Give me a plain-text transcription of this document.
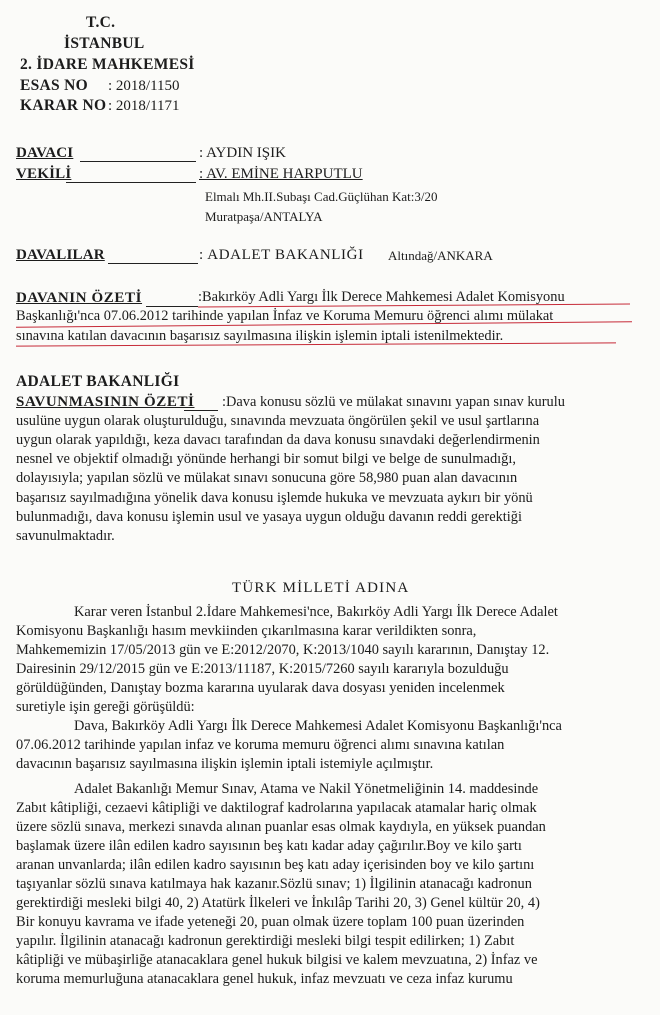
T.C.
İSTANBUL
2. İDARE MAHKEMESİ
ESAS NO : 2018/1150
KARAR NO : 2018/1171
DAVACI	: AYDIN IŞIK
VEKİLİ	: AV. EMİNE HARPUTLU
Elmalı Mh.II.Subaşı Cad.Güçlühan Kat:3/20
Muratpaşa/ANTALYA
DAVALILAR	: ADALET BAKANLIĞI Altındağ/ANKARA
DAVANIN ÖZETİ	:Bakırköy Adli Yargı İlk Derece Mahkemesi Adalet Komisyonu
Başkanlığı'nca 07.06.2012 tarihinde yapılan İnfaz ve Koruma Memuru öğrenci alımı mülakat
sınavına katılan davacının başarısız sayılmasına ilişkin işlemin iptali istenilmektedir.
ADALET BAKANLIĞI
SAVUNMASININ ÖZETİ :Dava konusu sözlü ve mülakat sınavını yapan sınav kurulu
usulüne uygun olarak oluşturulduğu, sınavında mevzuata öngörülen şekil ve usul şartlarına
uygun olarak yapıldığı, keza davacı tarafından da dava konusu sınavdaki değerlendirmenin
nesnel ve objektif olmadığı yönünde herhangi bir somut bilgi ve belge de sunulmadığı,
dolayısıyla; yapılan sözlü ve mülakat sınavı sonucuna göre 58,980 puan alan davacının
başarısız sayılmadığına yönelik dava konusu işlemde hukuka ve mevzuata aykırı bir yönü
bulunmadığı, dava konusu işlemin usul ve yasaya uygun olduğu davanın reddi gerektiği
savunulmaktadır.
TÜRK MİLLETİ ADINA
Karar veren İstanbul 2.İdare Mahkemesi'nce, Bakırköy Adli Yargı İlk Derece Adalet
Komisyonu Başkanlığı hasım mevkiinden çıkarılmasına karar verildikten sonra,
Mahkememizin 17/05/2013 gün ve E:2012/2070, K:2013/1040 sayılı kararının, Danıştay 12.
Dairesinin 29/12/2015 gün ve E:2013/11187, K:2015/7260 sayılı kararıyla bozulduğu
görüldüğünden, Danıştay bozma kararına uyularak dava dosyası yeniden incelenmek
suretiyle işin gereği görüşüldü:
Dava, Bakırköy Adli Yargı İlk Derece Mahkemesi Adalet Komisyonu Başkanlığı'nca
07.06.2012 tarihinde yapılan infaz ve koruma memuru öğrenci alımı sınavına katılan
davacının başarısız sayılmasına ilişkin işlemin iptali istemiyle açılmıştır.
Adalet Bakanlığı Memur Sınav, Atama ve Nakil Yönetmeliğinin 14. maddesinde
Zabıt kâtipliği, cezaevi kâtipliği ve daktilograf kadrolarına yapılacak atamalar hariç olmak
üzere sözlü sınava, merkezi sınavda alınan puanlar esas olmak kaydıyla, en yüksek puandan
başlamak üzere ilân edilen kadro sayısının beş katı kadar aday çağırılır.Boy ve kilo şartı
aranan unvanlarda; ilân edilen kadro sayısının beş katı aday içerisinden boy ve kilo şartını
taşıyanlar sözlü sınava katılmaya hak kazanır.Sözlü sınav; 1) İlgilinin atanacağı kadronun
gerektirdiği mesleki bilgi 40, 2) Atatürk İlkeleri ve İnkılâp Tarihi 20, 3) Genel kültür 20, 4)
Bir konuyu kavrama ve ifade yeteneği 20, puan olmak üzere toplam 100 puan üzerinden
yapılır. İlgilinin atanacağı kadronun gerektirdiği mesleki bilgi tespit edilirken; 1) Zabıt
kâtipliği ve mübaşirliğe atanacaklara genel hukuk bilgisi ve kalem mevzuatına, 2) İnfaz ve
koruma memurluğuna atanacaklara genel hukuk, infaz mevzuatı ve ceza infaz kurumu
